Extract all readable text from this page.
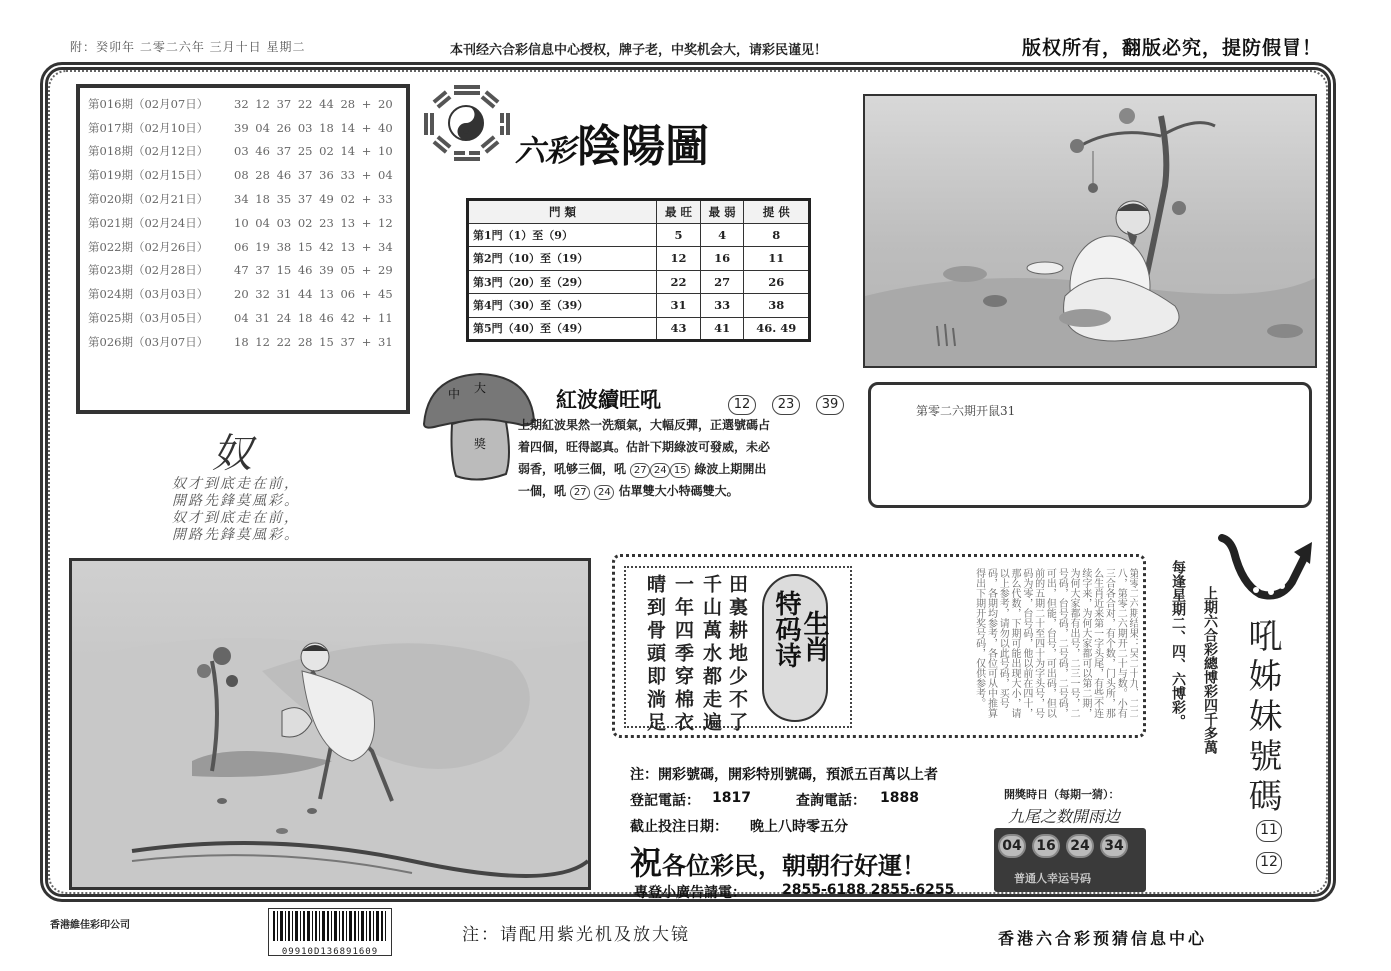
附：癸卯年 二零二六年 三月十日 星期二	本刊经六合彩信息中心授权，牌子老，中奖机会大，请彩民谨见！	版权所有，翻版必究，提防假冒！
第016期（02月07日）	32 12 37 22 44 28 + 20
第017期（02月10日）	39 04 26 03 18 14 + 40
第018期（02月12日）	03 46 37 25 02 14 + 10
第019期（02月15日）	08 28 46 37 36 33 + 04
第020期（02月21日）	34 18 35 37 49 02 + 33
第021期（02月24日）	10 04 03 02 23 13 + 12
第022期（02月26日）	06 19 38 15 42 13 + 34
第023期（02月28日）	47 37 15 46 39 05 + 29
第024期（03月03日）	20 32 31 44 13 06 + 45
第025期（03月05日）	04 31 24 18 46 42 + 11
第026期（03月07日）	18 12 22 28 15 37 + 31
六彩陰陽圖
門 類	最 旺	最 弱	提 供
第1門（1）至（9）	5	4	8
第2門（10）至（19）	12	16	11
第3門（20）至（29）	22	27	26
第4門（30）至（39）	31	33	38
第5門（40）至（49）	43	41	46. 49
第零二六期开鼠31
中 大
獎
紅波續旺吼	12	23	39
上期紅波果然一洗頹氣，大幅反彈，正選號碼占
着四個，旺得認真。估計下期綠波可發威，未必
弱香，吼够三個，吼 27 24 15 綠波上期開出
一個，吼 27 24 估單雙大小特碼雙大。
奴
奴才到底走在前，
開路先鋒莫風彩。
奴才到底走在前，
開路先鋒莫風彩。
田裏耕地少不了
千山萬水都走遍
一年四季穿棉衣
晴到骨頭即淌足	特码诗
生肖	第零二六期结果：吴二十九、二二八，第零二六期开二十与数。小有三合各合对，有个数，门头所，那么生肖近来第一字头尾，有些不连续字来，为何大家都可以第二期，为何大家都有出号，二三一号，二号码，台号码，二号码，二号码，可出，但能，台号，可出码，但以前的五期二十至四十为字头号，号码为零，台号码，他以前在四十，那么代数，下期可能出现大小，请以上参考，请勿以此号码，买号码，各期均参考，各位可从中推算得出下期开奖号码，仅供参考。	每逢星期二、四、六博彩。 上期六合彩總博彩四千多萬 吼姊妹號碼
11
12
注：開彩號碼，開彩特別號碼，預派五百萬以上者
登記電話： 1817	查詢電話： 1888
截止投注日期： 晚上八時零五分
祝各位彩民，朝朝行好運！
專登小廣告請電：	2855-6188 2855-6255
開獎時日（每期一猜）：
九尾之数開雨边
04	16	24	34
普通人幸运号码
香港維佳彩印公司
09910D136891609
注：请配用紫光机及放大镜	香港六合彩预猜信息中心
